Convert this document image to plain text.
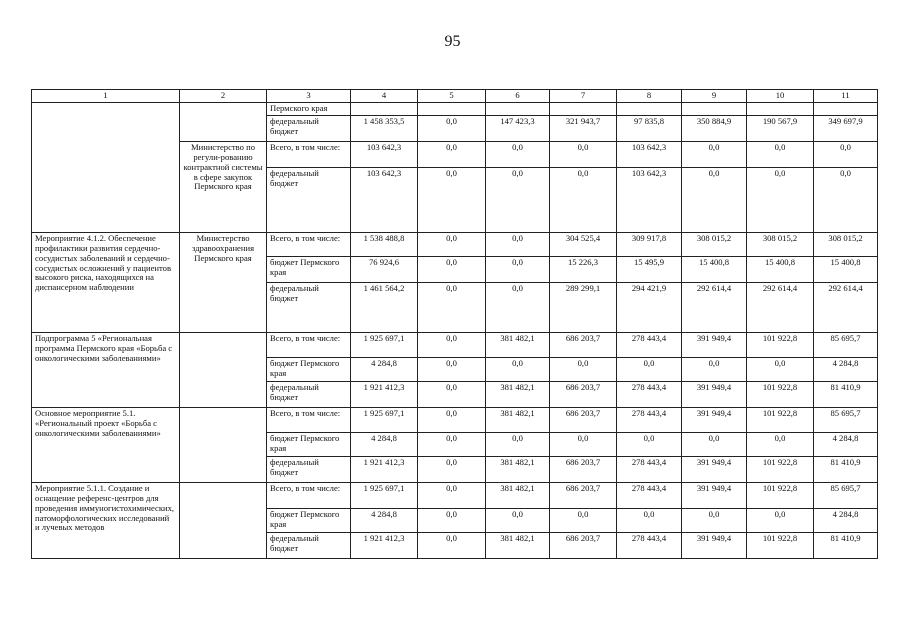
95
1	2	3	4	5	6	7	8	9	10	11
		Пермского края								
		федеральный бюджет	1 458 353,5	0,0	147 423,3	321 943,7	97 835,8	350 884,9	190 567,9	349 697,9
	Министерство по регули-рованию контрактной системы в сфере закупок Пермского края	Всего, в том числе:	103 642,3	0,0	0,0	0,0	103 642,3	0,0	0,0	0,0
		федеральный бюджет	103 642,3	0,0	0,0	0,0	103 642,3	0,0	0,0	0,0
Мероприятие 4.1.2. Обеспечение профилактики развития сердечно-сосудистых заболеваний и сердечно-сосудистых осложнений у пациентов высокого риска, находящихся на диспансерном наблюдении	Министерство здравоохранения Пермского края	Всего, в том числе:	1 538 488,8	0,0	0,0	304 525,4	309 917,8	308 015,2	308 015,2	308 015,2
		бюджет Пермского края	76 924,6	0,0	0,0	15 226,3	15 495,9	15 400,8	15 400,8	15 400,8
		федеральный бюджет	1 461 564,2	0,0	0,0	289 299,1	294 421,9	292 614,4	292 614,4	292 614,4
Подпрограмма 5 «Региональная программа Пермского края «Борьба с онкологическими заболеваниями»		Всего, в том числе:	1 925 697,1	0,0	381 482,1	686 203,7	278 443,4	391 949,4	101 922,8	85 695,7
		бюджет Пермского края	4 284,8	0,0	0,0	0,0	0,0	0,0	0,0	4 284,8
		федеральный бюджет	1 921 412,3	0,0	381 482,1	686 203,7	278 443,4	391 949,4	101 922,8	81 410,9
Основное мероприятие 5.1. «Региональный проект «Борьба с онкологическими заболеваниями»		Всего, в том числе:	1 925 697,1	0,0	381 482,1	686 203,7	278 443,4	391 949,4	101 922,8	85 695,7
		бюджет Пермского края	4 284,8	0,0	0,0	0,0	0,0	0,0	0,0	4 284,8
		федеральный бюджет	1 921 412,3	0,0	381 482,1	686 203,7	278 443,4	391 949,4	101 922,8	81 410,9
Мероприятие 5.1.1. Создание и оснащение референс-центров для проведения иммуногистохимических, патоморфологических исследований и лучевых методов		Всего, в том числе:	1 925 697,1	0,0	381 482,1	686 203,7	278 443,4	391 949,4	101 922,8	85 695,7
		бюджет Пермского края	4 284,8	0,0	0,0	0,0	0,0	0,0	0,0	4 284,8
		федеральный бюджет	1 921 412,3	0,0	381 482,1	686 203,7	278 443,4	391 949,4	101 922,8	81 410,9
